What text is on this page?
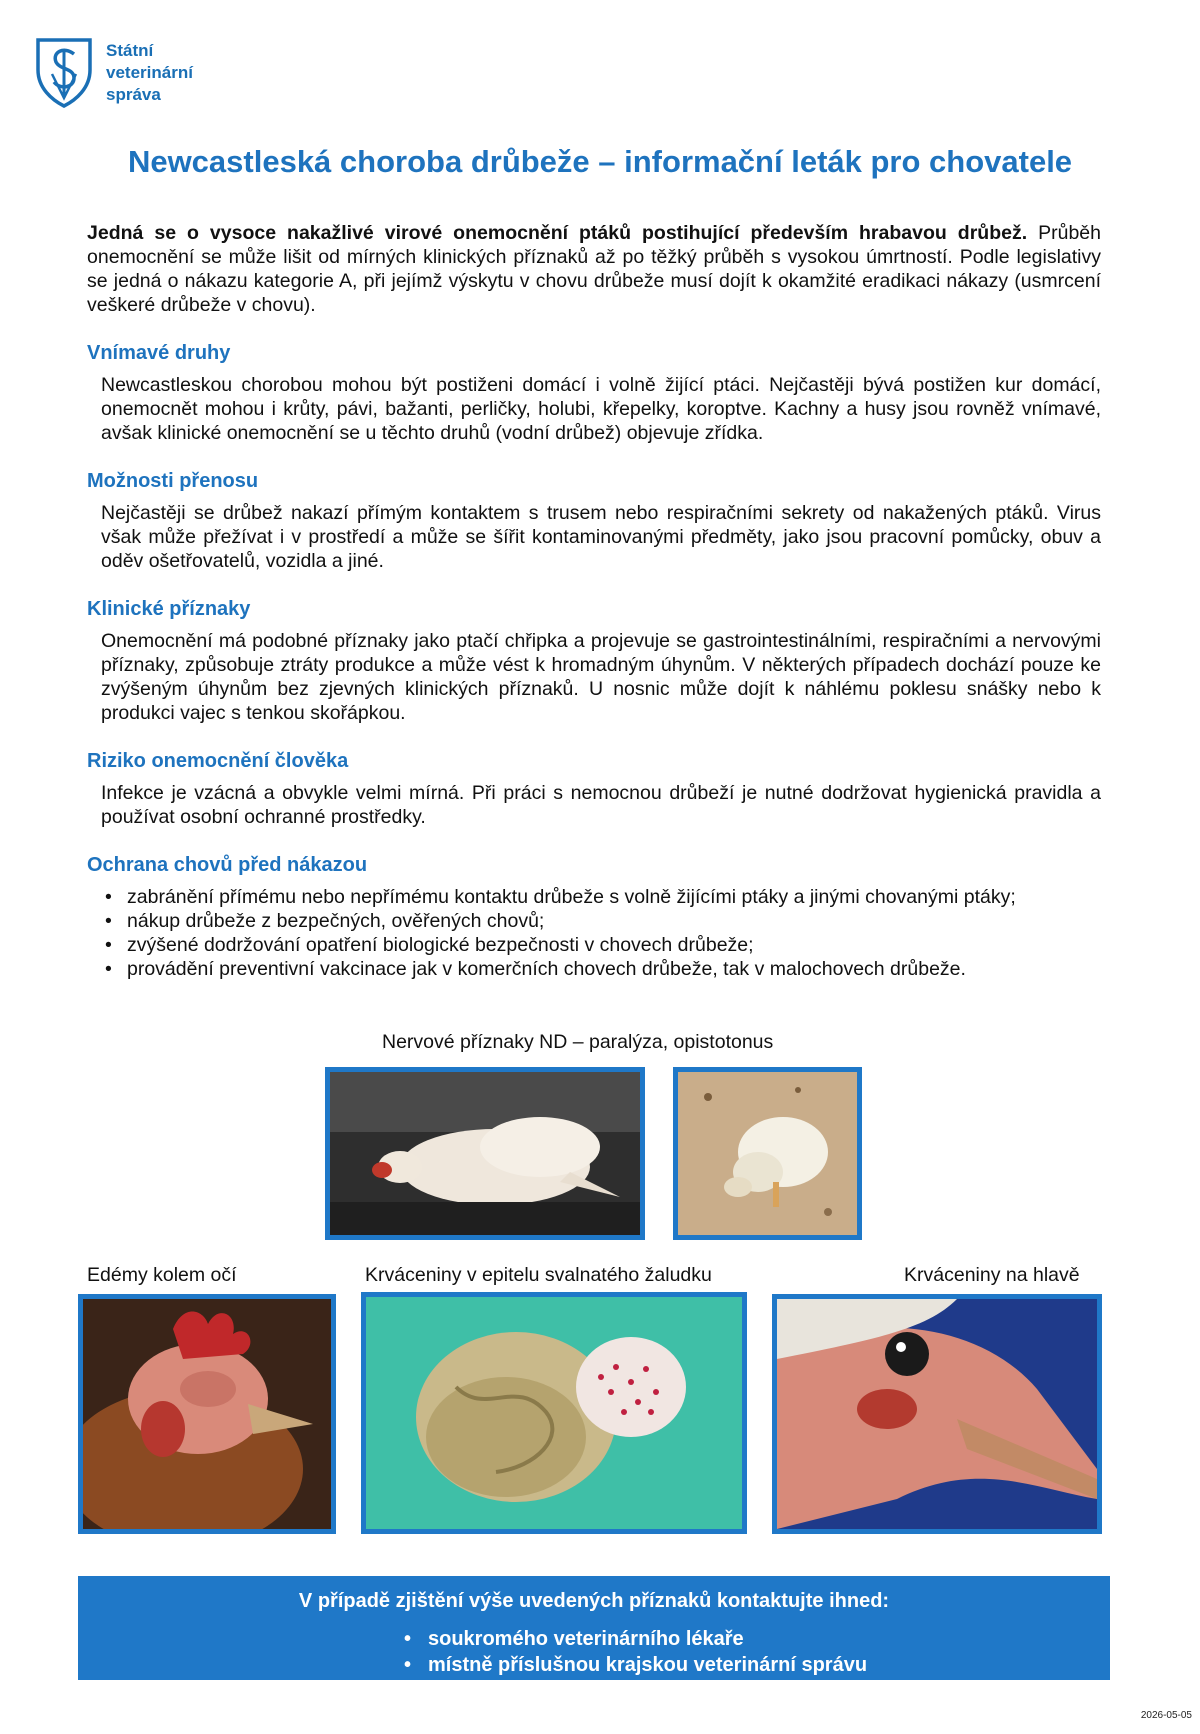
Státní
veterinární
správa
Newcastleská choroba drůbeže – informační leták pro chovatele

Jedná se o vysoce nakažlivé virové onemocnění ptáků postihující především hrabavou drůbež. Průběh onemocnění se může lišit od mírných klinických příznaků až po těžký průběh s vysokou úmrtností. Podle legislativy se jedná o nákazu kategorie A, při jejímž výskytu v chovu drůbeže musí dojít k okamžité eradikaci nákazy (usmrcení veškeré drůbeže v chovu).

Vnímavé druhy

Newcastleskou chorobou mohou být postiženi domácí i volně žijící ptáci. Nejčastěji bývá postižen kur domácí, onemocnět mohou i krůty, pávi, bažanti, perličky, holubi, křepelky, koroptve. Kachny a husy jsou rovněž vnímavé, avšak klinické onemocnění se u těchto druhů (vodní drůbež) objevuje zřídka.

Možnosti přenosu

Nejčastěji se drůbež nakazí přímým kontaktem s trusem nebo respiračními sekrety od nakažených ptáků. Virus však může přežívat i v prostředí a může se šířit kontaminovanými předměty, jako jsou pracovní pomůcky, obuv a oděv ošetřovatelů, vozidla a jiné.

Klinické příznaky

Onemocnění má podobné příznaky jako ptačí chřipka a projevuje se gastrointestinálními, respiračními a nervovými příznaky, způsobuje ztráty produkce a může vést k hromadným úhynům. V některých případech dochází pouze ke zvýšeným úhynům bez zjevných klinických příznaků. U nosnic může dojít k náhlému poklesu snášky nebo k produkci vajec s tenkou skořápkou.

Riziko onemocnění člověka

Infekce je vzácná a obvykle velmi mírná. Při práci s nemocnou drůbeží je nutné dodržovat hygienická pravidla a používat osobní ochranné prostředky.

Ochrana chovů před nákazou
• zabránění přímému nebo nepřímému kontaktu drůbeže s volně žijícími ptáky a jinými chovanými ptáky;
• nákup drůbeže z bezpečných, ověřených chovů;
• zvýšené dodržování opatření biologické bezpečnosti v chovech drůbeže;
• provádění preventivní vakcinace jak v komerčních chovech drůbeže, tak v malochovech drůbeže.
Nervové příznaky ND – paralýza, opistotonus
Edémy kolem očí	Krváceniny v epitelu svalnatého žaludku	Krváceniny na hlavě
V případě zjištění výše uvedených příznaků kontaktujte ihned:
• soukromého veterinárního lékaře
• místně příslušnou krajskou veterinární správu
2026-05-05
